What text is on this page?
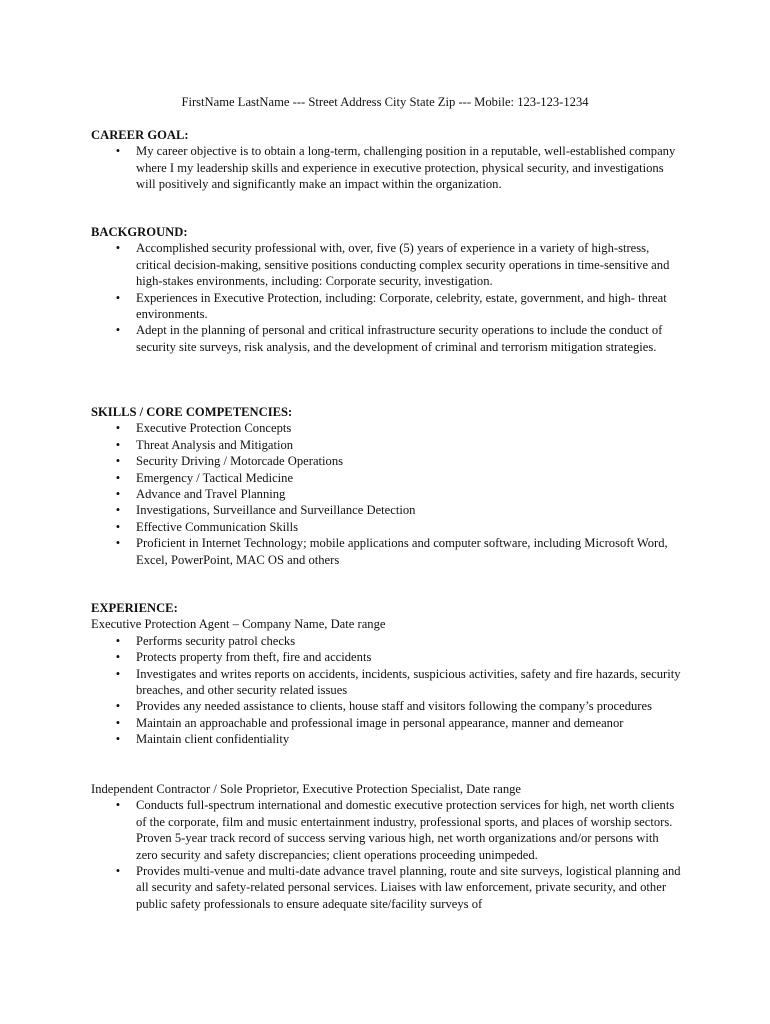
FirstName LastName --- Street Address City State Zip --- Mobile: 123-123-1234
CAREER GOAL:
• My career objective is to obtain a long-term, challenging position in a reputable, well-established company where I my leadership skills and experience in executive protection, physical security, and investigations will positively and significantly make an impact within the organization.
BACKGROUND:
• Accomplished security professional with, over, five (5) years of experience in a variety of high-stress, critical decision-making, sensitive positions conducting complex security operations in time-sensitive and high-stakes environments, including: Corporate security, investigation.
• Experiences in Executive Protection, including: Corporate, celebrity, estate, government, and high- threat environments.
• Adept in the planning of personal and critical infrastructure security operations to include the conduct of security site surveys, risk analysis, and the development of criminal and terrorism mitigation strategies.
SKILLS / CORE COMPETENCIES:
• Executive Protection Concepts
• Threat Analysis and Mitigation
• Security Driving / Motorcade Operations
• Emergency / Tactical Medicine
• Advance and Travel Planning
• Investigations, Surveillance and Surveillance Detection
• Effective Communication Skills
• Proficient in Internet Technology; mobile applications and computer software, including Microsoft Word, Excel, PowerPoint, MAC OS and others
EXPERIENCE:
Executive Protection Agent – Company Name, Date range
• Performs security patrol checks
• Protects property from theft, fire and accidents
• Investigates and writes reports on accidents, incidents, suspicious activities, safety and fire hazards, security breaches, and other security related issues
• Provides any needed assistance to clients, house staff and visitors following the company’s procedures
• Maintain an approachable and professional image in personal appearance, manner and demeanor
• Maintain client confidentiality
Independent Contractor / Sole Proprietor, Executive Protection Specialist, Date range
• Conducts full-spectrum international and domestic executive protection services for high, net worth clients of the corporate, film and music entertainment industry, professional sports, and places of worship sectors. Proven 5-year track record of success serving various high, net worth organizations and/or persons with zero security and safety discrepancies; client operations proceeding unimpeded.
• Provides multi-venue and multi-date advance travel planning, route and site surveys, logistical planning and all security and safety-related personal services. Liaises with law enforcement, private security, and other public safety professionals to ensure adequate site/facility surveys of
